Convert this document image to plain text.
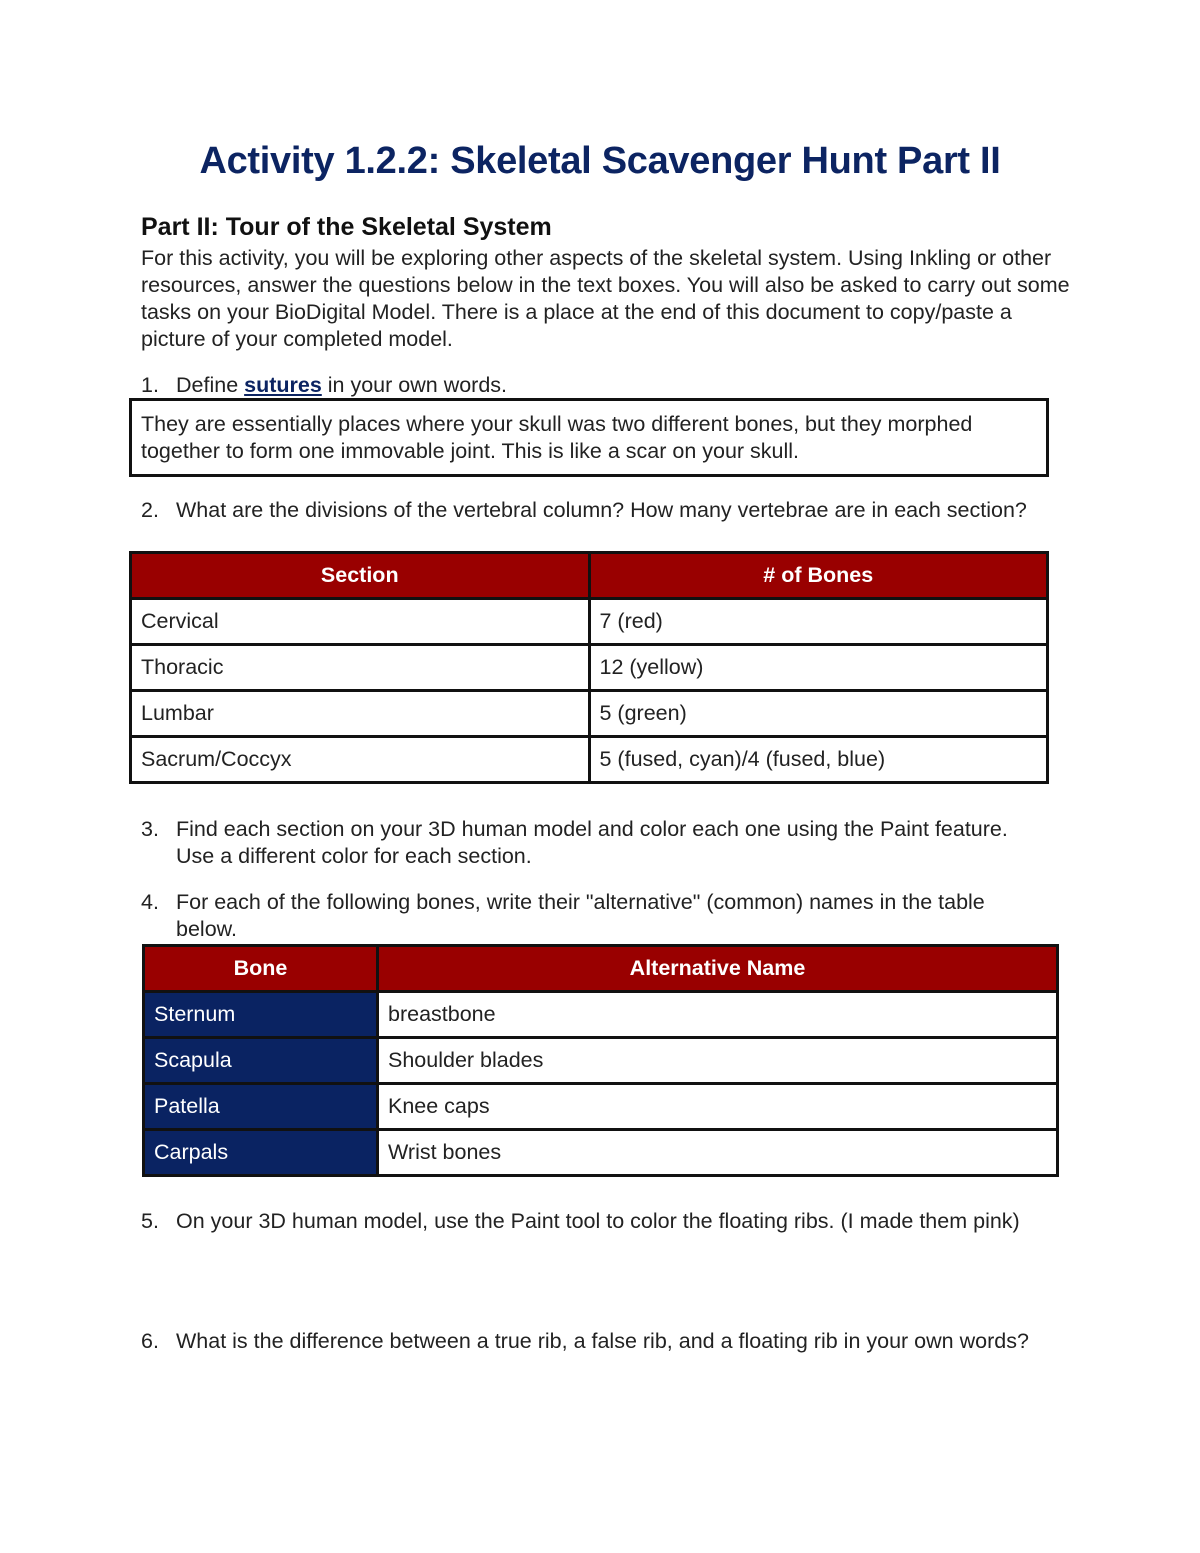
Activity 1.2.2: Skeletal Scavenger Hunt Part II
Part II: Tour of the Skeletal System
For this activity, you will be exploring other aspects of the skeletal system. Using Inkling or other resources, answer the questions below in the text boxes. You will also be asked to carry out some tasks on your BioDigital Model. There is a place at the end of this document to copy/paste a picture of your completed model.
1. Define sutures in your own words.
They are essentially places where your skull was two different bones, but they morphed together to form one immovable joint. This is like a scar on your skull.
2. What are the divisions of the vertebral column? How many vertebrae are in each section?
Section	# of Bones
Cervical	7 (red)
Thoracic	12 (yellow)
Lumbar	5 (green)
Sacrum/Coccyx	5 (fused, cyan)/4 (fused, blue)
3. Find each section on your 3D human model and color each one using the Paint feature. Use a different color for each section.
4. For each of the following bones, write their "alternative" (common) names in the table below.
Bone	Alternative Name
Sternum	breastbone
Scapula	Shoulder blades
Patella	Knee caps
Carpals	Wrist bones
5. On your 3D human model, use the Paint tool to color the floating ribs. (I made them pink)
6. What is the difference between a true rib, a false rib, and a floating rib in your own words?
